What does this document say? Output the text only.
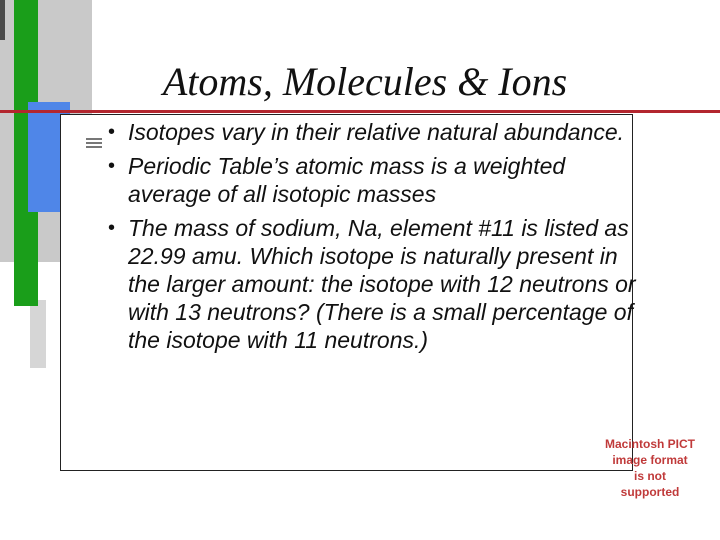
Atoms, Molecules & Ions
• Isotopes vary in their relative natural abundance.
• Periodic Table’s atomic mass is a weighted average of all isotopic masses
• The mass of sodium, Na, element #11 is listed as 22.99 amu. Which isotope is naturally present in the larger amount: the isotope with 12 neutrons or with 13 neutrons? (There is a small percentage of the isotope with 11 neutrons.)
Macintosh PICT
image format
is not supported
